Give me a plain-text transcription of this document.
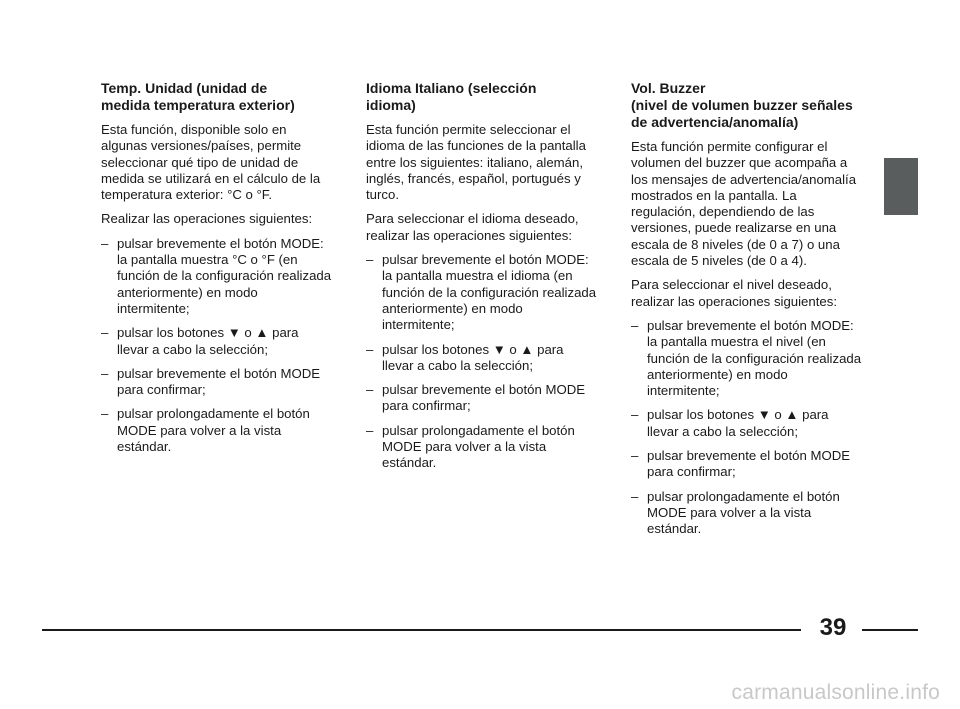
Temp. Unidad (unidad de
medida temperatura exterior)

Esta función, disponible solo en algunas versiones/países, permite seleccionar qué tipo de unidad de medida se utilizará en el cálculo de la temperatura exterior: °C o °F.

Realizar las operaciones siguientes:

– pulsar brevemente el botón MODE: la pantalla muestra °C o °F (en función de la configuración realizada anteriormente) en modo intermitente;
– pulsar los botones ▼ o ▲ para llevar a cabo la selección;
– pulsar brevemente el botón MODE para confirmar;
– pulsar prolongadamente el botón MODE para volver a la vista estándar.
Idioma Italiano (selección
idioma)

Esta función permite seleccionar el idioma de las funciones de la pantalla entre los siguientes: italiano, alemán, inglés, francés, español, portugués y turco.

Para seleccionar el idioma deseado, realizar las operaciones siguientes:

– pulsar brevemente el botón MODE: la pantalla muestra el idioma (en función de la configuración realizada anteriormente) en modo intermitente;
– pulsar los botones ▼ o ▲ para llevar a cabo la selección;
– pulsar brevemente el botón MODE para confirmar;
– pulsar prolongadamente el botón MODE para volver a la vista estándar.
Vol. Buzzer
(nivel de volumen buzzer señales
de advertencia/anomalía)

Esta función permite configurar el volumen del buzzer que acompaña a los mensajes de advertencia/anomalía mostrados en la pantalla. La regulación, dependiendo de las versiones, puede realizarse en una escala de 8 niveles (de 0 a 7) o una escala de 5 niveles (de 0 a 4).

Para seleccionar el nivel deseado, realizar las operaciones siguientes:

– pulsar brevemente el botón MODE: la pantalla muestra el nivel (en función de la configuración realizada anteriormente) en modo intermitente;
– pulsar los botones ▼ o ▲ para llevar a cabo la selección;
– pulsar brevemente el botón MODE para confirmar;
– pulsar prolongadamente el botón MODE para volver a la vista estándar.
39
carmanualsonline.info
